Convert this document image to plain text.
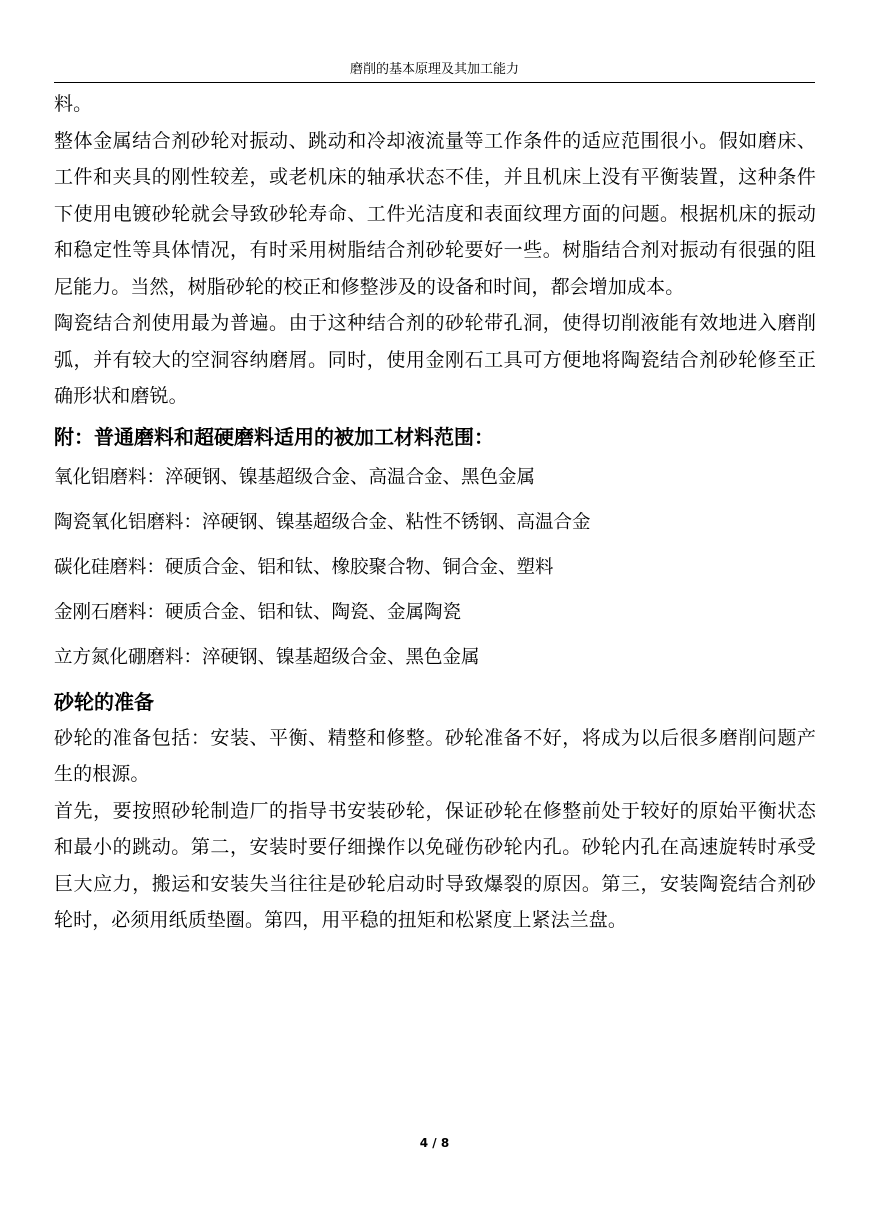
磨削的基本原理及其加工能力

料。

整体金属结合剂砂轮对振动、跳动和冷却液流量等工作条件的适应范围很小。假如磨床、工件和夹具的刚性较差，或老机床的轴承状态不佳，并且机床上没有平衡装置，这种条件下使用电镀砂轮就会导致砂轮寿命、工件光洁度和表面纹理方面的问题。根据机床的振动和稳定性等具体情况，有时采用树脂结合剂砂轮要好一些。树脂结合剂对振动有很强的阻尼能力。当然，树脂砂轮的校正和修整涉及的设备和时间，都会增加成本。

陶瓷结合剂使用最为普遍。由于这种结合剂的砂轮带孔洞，使得切削液能有效地进入磨削弧，并有较大的空洞容纳磨屑。同时，使用金刚石工具可方便地将陶瓷结合剂砂轮修至正确形状和磨锐。

附：普通磨料和超硬磨料适用的被加工材料范围：

氧化铝磨料：淬硬钢、镍基超级合金、高温合金、黑色金属

陶瓷氧化铝磨料：淬硬钢、镍基超级合金、粘性不锈钢、高温合金

碳化硅磨料：硬质合金、铝和钛、橡胶聚合物、铜合金、塑料

金刚石磨料：硬质合金、铝和钛、陶瓷、金属陶瓷

立方氮化硼磨料：淬硬钢、镍基超级合金、黑色金属

砂轮的准备

砂轮的准备包括：安装、平衡、精整和修整。砂轮准备不好，将成为以后很多磨削问题产生的根源。

首先，要按照砂轮制造厂的指导书安装砂轮，保证砂轮在修整前处于较好的原始平衡状态和最小的跳动。第二，安装时要仔细操作以免碰伤砂轮内孔。砂轮内孔在高速旋转时承受巨大应力，搬运和安装失当往往是砂轮启动时导致爆裂的原因。第三，安装陶瓷结合剂砂轮时，必须用纸质垫圈。第四，用平稳的扭矩和松紧度上紧法兰盘。

4 / 8
